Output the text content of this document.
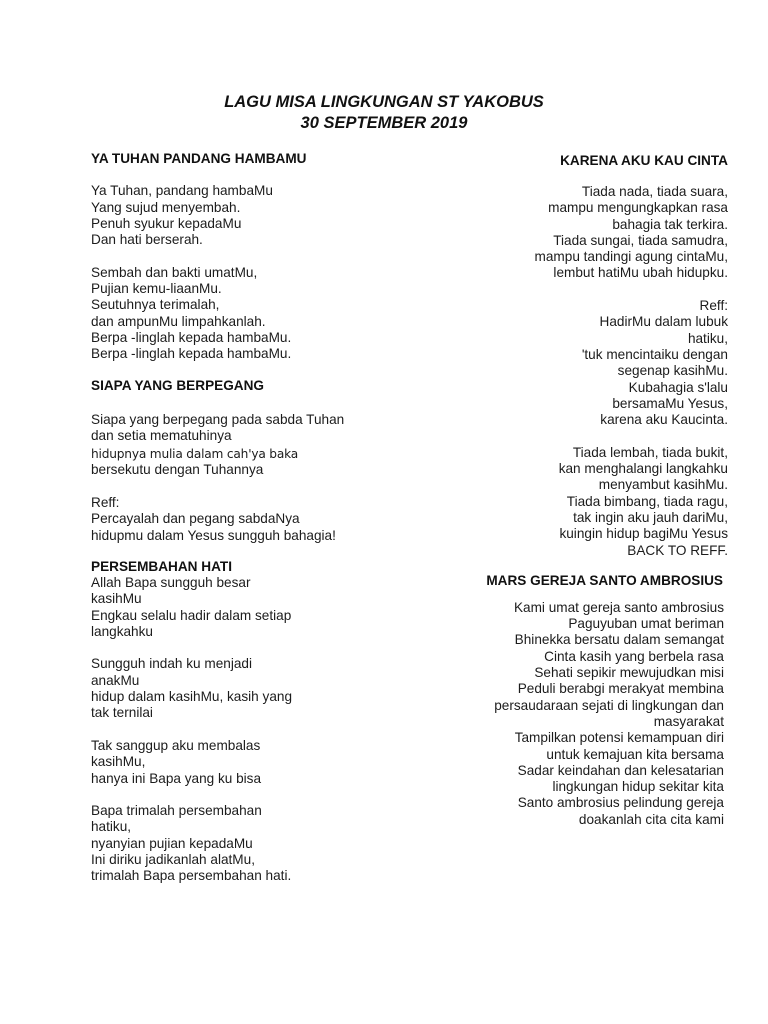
LAGU MISA LINGKUNGAN ST YAKOBUS
30 SEPTEMBER 2019
YA TUHAN PANDANG HAMBAMU
Ya Tuhan, pandang hambaMu
Yang sujud menyembah.
Penuh syukur kepadaMu
Dan hati berserah.
Sembah dan bakti umatMu,
Pujian kemu-liaanMu.
Seutuhnya terimalah,
dan ampunMu limpahkanlah.
Berpa -linglah kepada hambaMu.
Berpa -linglah kepada hambaMu.
SIAPA YANG BERPEGANG
Siapa yang berpegang pada sabda Tuhan
dan setia mematuhinya
hidupnya mulia dalam cah'ya baka
bersekutu dengan Tuhannya
Reff:
Percayalah dan pegang sabdaNya
hidupmu dalam Yesus sungguh bahagia!
PERSEMBAHAN HATI
Allah Bapa sungguh besar
kasihMu
Engkau selalu hadir dalam setiap
langkahku
Sungguh indah ku menjadi
anakMu
hidup dalam kasihMu, kasih yang
tak ternilai
Tak sanggup aku membalas
kasihMu,
hanya ini Bapa yang ku bisa
Bapa trimalah persembahan
hatiku,
nyanyian pujian kepadaMu
Ini diriku jadikanlah alatMu,
trimalah Bapa persembahan hati.
KARENA AKU KAU CINTA
Tiada nada, tiada suara,
mampu mengungkapkan rasa
bahagia tak terkira.
Tiada sungai, tiada samudra,
mampu tandingi agung cintaMu,
lembut hatiMu ubah hidupku.
Reff:
HadirMu dalam lubuk
hatiku,
'tuk mencintaiku dengan
segenap kasihMu.
Kubahagia s'lalu
bersamaMu Yesus,
karena aku Kaucinta.
Tiada lembah, tiada bukit,
kan menghalangi langkahku
menyambut kasihMu.
Tiada bimbang, tiada ragu,
tak ingin aku jauh dariMu,
kuingin hidup bagiMu Yesus
BACK TO REFF.
MARS GEREJA SANTO AMBROSIUS
Kami umat gereja santo ambrosius
Paguyuban umat beriman
Bhinekka bersatu dalam semangat
Cinta kasih yang berbela rasa
Sehati sepikir mewujudkan misi
Peduli berabgi merakyat membina
persaudaraan sejati di lingkungan dan
masyarakat
Tampilkan potensi kemampuan diri
untuk kemajuan kita bersama
Sadar keindahan dan kelesatarian
lingkungan hidup sekitar kita
Santo ambrosius pelindung gereja
doakanlah cita cita kami
